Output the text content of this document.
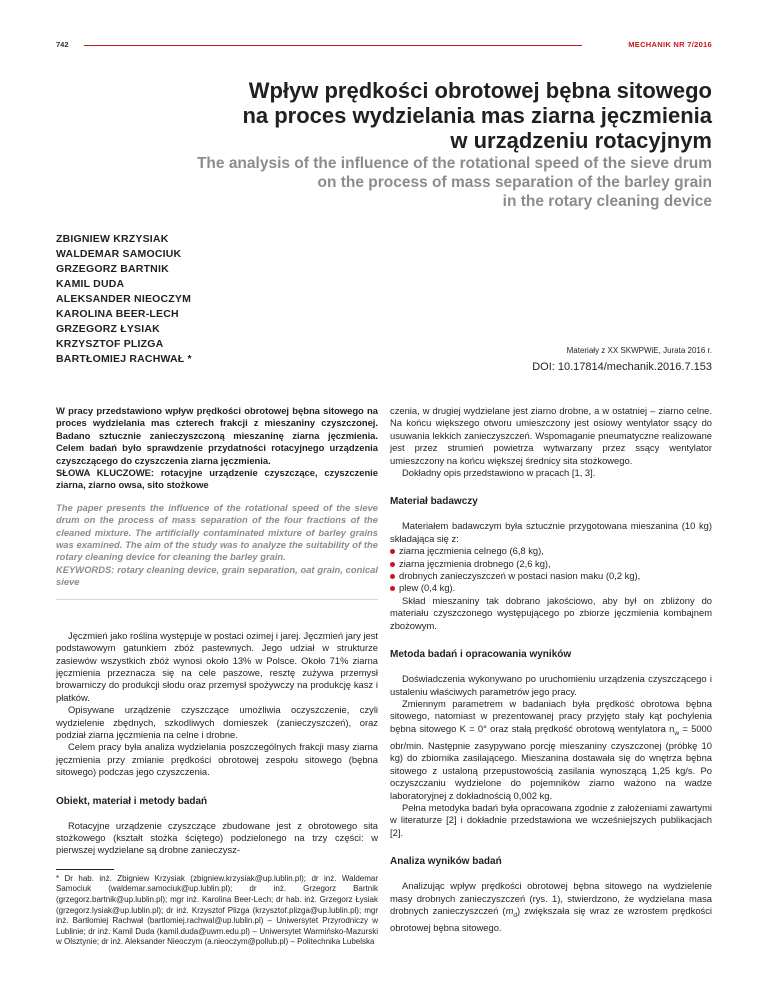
742	MECHANIK NR 7/2016
Wpływ prędkości obrotowej bębna sitowego
na proces wydzielania mas ziarna jęczmienia
w urządzeniu rotacyjnym
The analysis of the influence of the rotational speed of the sieve drum
on the process of mass separation of the barley grain
in the rotary cleaning device
ZBIGNIEW KRZYSIAK
WALDEMAR SAMOCIUK
GRZEGORZ BARTNIK
KAMIL DUDA
ALEKSANDER NIEOCZYM
KAROLINA BEER-LECH
GRZEGORZ ŁYSIAK
KRZYSZTOF PLIZGA
BARTŁOMIEJ RACHWAŁ *
Materiały z XX SKWPWiE, Jurata 2016 r.
DOI: 10.17814/mechanik.2016.7.153

W pracy przedstawiono wpływ prędkości obrotowej bębna sitowego na proces wydzielania mas czterech frakcji z mieszaniny czyszczonej. Badano sztucznie zanieczyszczoną mieszaninę ziarna jęczmienia. Celem badań było sprawdzenie przydatności rotacyjnego urządzenia czyszczącego do czyszczenia ziarna jęczmienia.
SŁOWA KLUCZOWE: rotacyjne urządzenie czyszczące, czyszczenie ziarna, ziarno owsa, sito stożkowe

The paper presents the influence of the rotational speed of the sieve drum on the process of mass separation of the four fractions of the cleaned mixture. The artificially contaminated mixture of barley grains was examined. The aim of the study was to analyze the suitability of the rotary cleaning device for cleaning the barley grain.
KEYWORDS: rotary cleaning device, grain separation, oat grain, conical sieve

Jęczmień jako roślina występuje w postaci ozimej i jarej. Jęczmień jary jest podstawowym gatunkiem zbóż pastewnych. Jego udział w strukturze zasiewów wszystkich zbóż wynosi około 13% w Polsce. Około 71% ziarna jęczmienia przeznacza się na cele paszowe, resztę zużywa przemysł browarniczy do produkcji słodu oraz przemysł spożywczy na produkcję kasz i płatków.

Opisywane urządzenie czyszczące umożliwia oczyszczenie, czyli wydzielenie zbędnych, szkodliwych domieszek (zanieczyszczeń), oraz podział ziarna jęczmienia na celne i drobne.

Celem pracy była analiza wydzielania poszczególnych frakcji masy ziarna jęczmienia przy zmianie prędkości obrotowej zespołu sitowego (bębna sitowego) podczas jego czyszczenia.

Obiekt, materiał i metody badań

Rotacyjne urządzenie czyszczące zbudowane jest z obrotowego sita stożkowego (kształt stożka ściętego) podzielonego na trzy części: w pierwszej wydzielane są drobne zanieczysz-

* Dr hab. inż. Zbigniew Krzysiak (zbigniew.krzysiak@up.lublin.pl); dr inż. Waldemar Samociuk (waldemar.samociuk@up.lublin.pl); dr inż. Grzegorz Bartnik (grzegorz.bartnik@up.lublin.pl); mgr inż. Karolina Beer-Lech; dr hab. inż. Grzegorz Łysiak (grzegorz.lysiak@up.lublin.pl); dr inż. Krzysztof Plizga (krzysztof.plizga@up.lublin.pl); mgr inż. Bartłomiej Rachwał (bartlomiej.rachwal@up.lublin.pl) – Uniwersytet Przyrodniczy w Lublinie; dr inż. Kamil Duda (kamil.duda@uwm.edu.pl) – Uniwersytet Warmińsko-Mazurski w Olsztynie; dr inż. Aleksander Nieoczym (a.nieoczym@pollub.pl) – Politechnika Lubelska

czenia, w drugiej wydzielane jest ziarno drobne, a w ostatniej – ziarno celne. Na końcu większego otworu umieszczony jest osiowy wentylator ssący do usuwania lekkich zanieczyszczeń. Wspomaganie pneumatyczne realizowane jest przez strumień powietrza wytwarzany przez ssący wentylator umieszczony na końcu większej średnicy sita stożkowego.

Dokładny opis przedstawiono w pracach [1, 3].

Materiał badawczy

Materiałem badawczym była sztucznie przygotowana mieszanina (10 kg) składająca się z:

ziarna jęczmienia celnego (6,8 kg),
ziarna jęczmienia drobnego (2,6 kg),
drobnych zanieczyszczeń w postaci nasion maku (0,2 kg),
plew (0,4 kg).

Skład mieszaniny tak dobrano jakościowo, aby był on zbliżony do materiału czyszczonego występującego po zbiorze jęczmienia kombajnem zbożowym.

Metoda badań i opracowania wyników

Doświadczenia wykonywano po uruchomieniu urządzenia czyszczącego i ustaleniu właściwych parametrów jego pracy.

Zmiennym parametrem w badaniach była prędkość obrotowa bębna sitowego, natomiast w prezentowanej pracy przyjęto stały kąt pochylenia bębna sitowego K = 0° oraz stałą prędkość obrotową wentylatora $n_w = 5000$ obr/min. Następnie zasypywano porcję mieszaniny czyszczonej (próbkę 10 kg) do zbiornika zasilającego. Mieszanina dostawała się do wnętrza bębna sitowego z ustaloną przepustowością zasilania wynoszącą 1,25 kg/s. Po oczyszczaniu wydzielone do pojemników ziarno ważono na wadze laboratoryjnej z dokładnością 0,002 kg.

Pełna metodyka badań była opracowana zgodnie z założeniami zawartymi w literaturze [2] i dokładnie przedstawiona we wcześniejszych publikacjach [2].

Analiza wyników badań

Analizując wpływ prędkości obrotowej bębna sitowego na wydzielenie masy drobnych zanieczyszczeń (rys. 1), stwierdzono, że wydzielana masa drobnych zanieczyszczeń $(m_d)$ zwiększała się wraz ze wzrostem prędkości obrotowej bębna sitowego.
